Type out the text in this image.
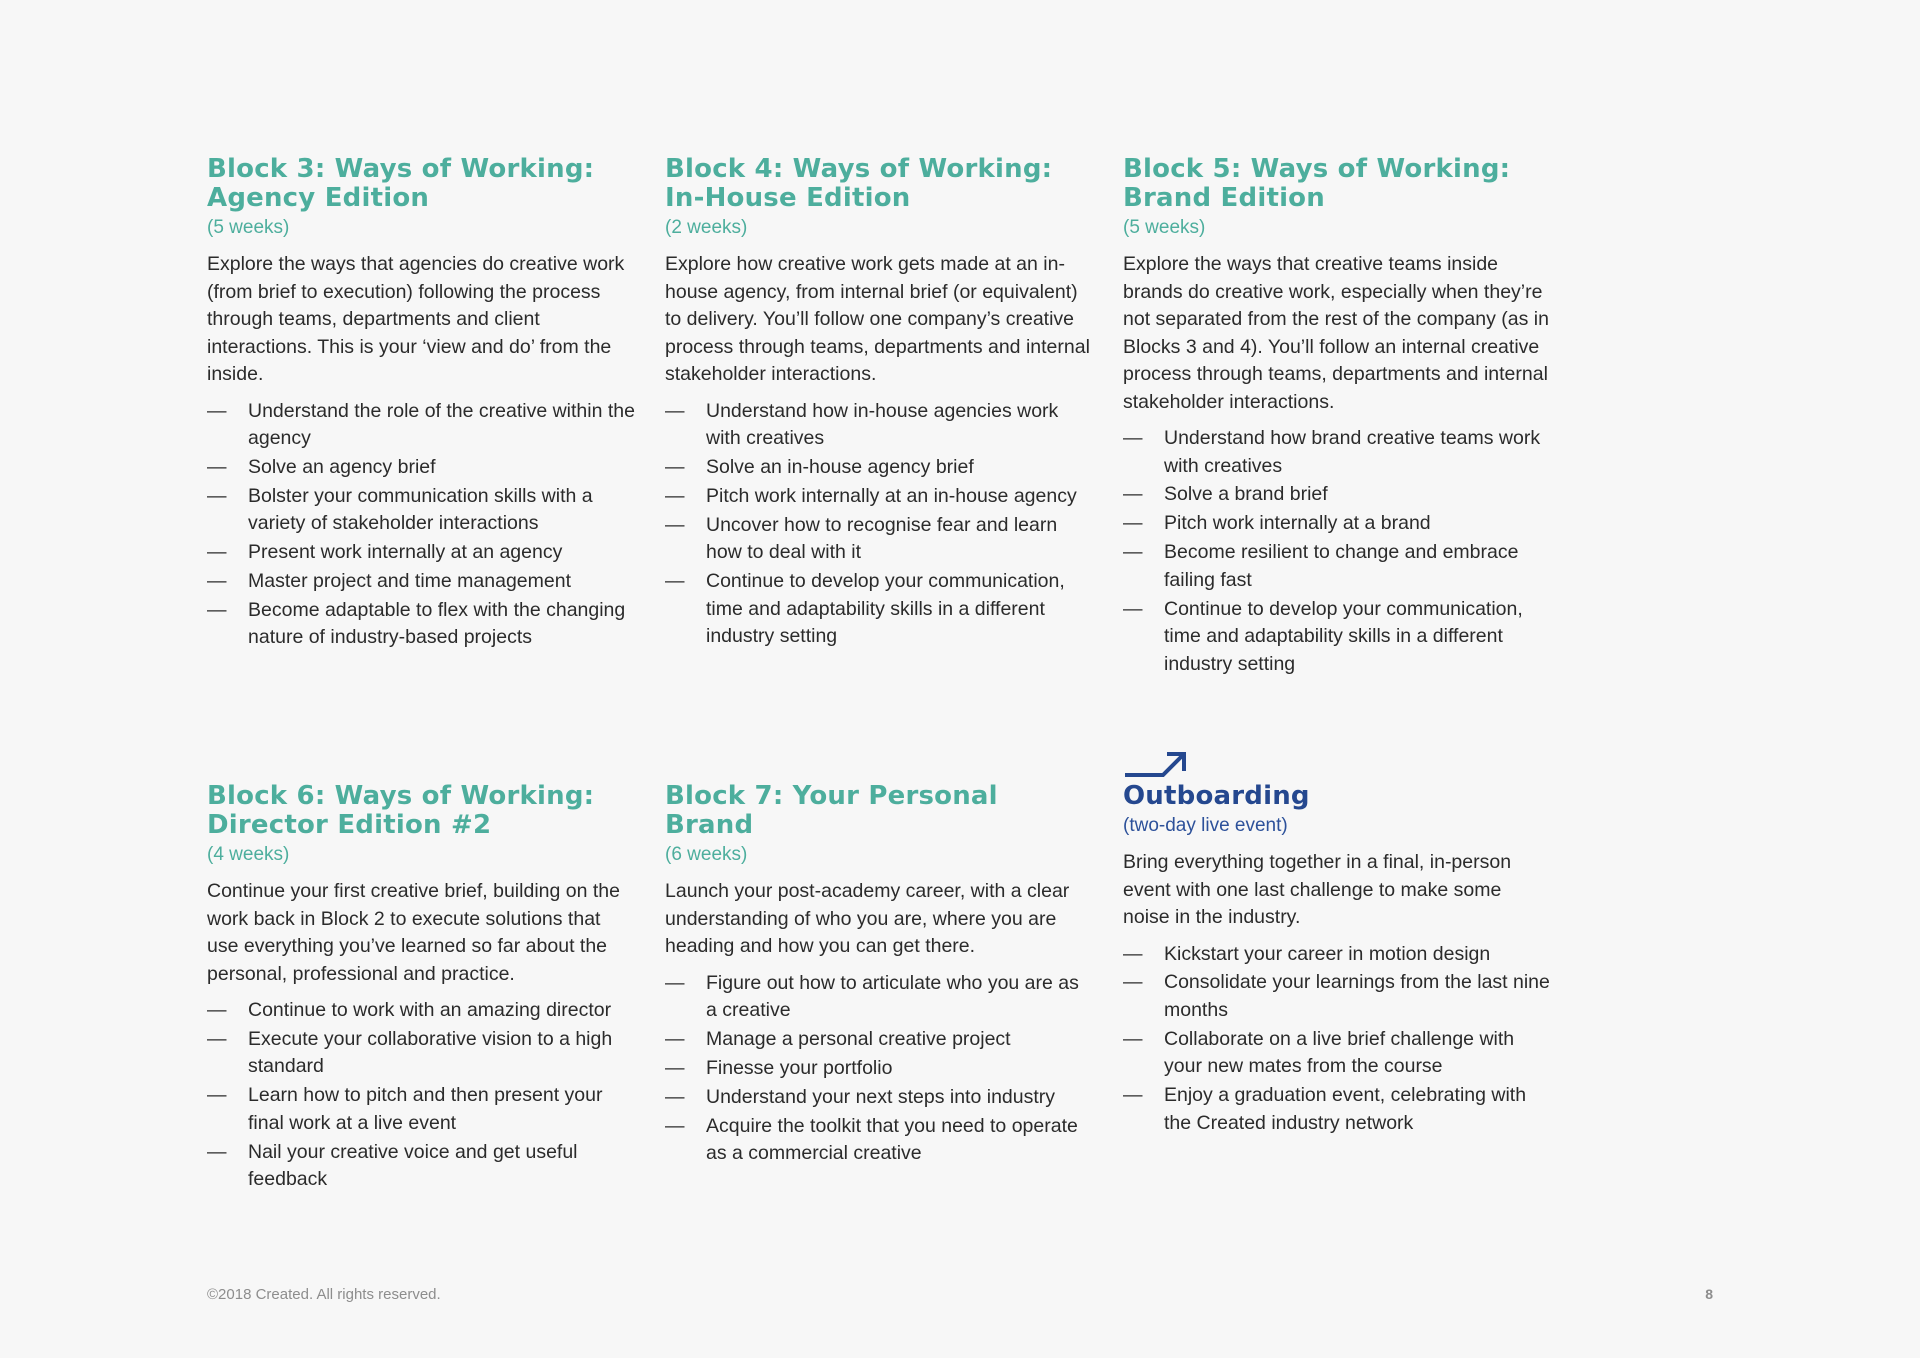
Block 3: Ways of Working:
Agency Edition
(5 weeks)

Explore the ways that agencies do creative work (from brief to execution) following the process through teams, departments and client interactions. This is your ‘view and do’ from the inside.

—	Understand the role of the creative within the agency
—	Solve an agency brief
—	Bolster your communication skills with a variety of stakeholder interactions
—	Present work internally at an agency
—	Master project and time management
—	Become adaptable to flex with the changing nature of industry-based projects
Block 4: Ways of Working:
In-House Edition
(2 weeks)

Explore how creative work gets made at an in-house agency, from internal brief (or equivalent) to delivery. You’ll follow one company’s creative process through teams, departments and internal stakeholder interactions.

—	Understand how in-house agencies work with creatives
—	Solve an in-house agency brief
—	Pitch work internally at an in-house agency
—	Uncover how to recognise fear and learn how to deal with it
—	Continue to develop your communication, time and adaptability skills in a different industry setting
Block 5: Ways of Working:
Brand Edition
(5 weeks)

Explore the ways that creative teams inside brands do creative work, especially when they’re not separated from the rest of the company (as in Blocks 3 and 4). You’ll follow an internal creative process through teams, departments and internal stakeholder interactions.

—	Understand how brand creative teams work with creatives
—	Solve a brand brief
—	Pitch work internally at a brand
—	Become resilient to change and embrace failing fast
—	Continue to develop your communication, time and adaptability skills in a different industry setting
Block 6: Ways of Working:
Director Edition #2
(4 weeks)

Continue your first creative brief, building on the work back in Block 2 to execute solutions that use everything you’ve learned so far about the personal, professional and practice.

—	Continue to work with an amazing director
—	Execute your collaborative vision to a high standard
—	Learn how to pitch and then present your final work at a live event
—	Nail your creative voice and get useful feedback
Block 7: Your Personal Brand
(6 weeks)

Launch your post-academy career, with a clear understanding of who you are, where you are heading and how you can get there.

—	Figure out how to articulate who you are as a creative
—	Manage a personal creative project
—	Finesse your portfolio
—	Understand your next steps into industry
—	Acquire the toolkit that you need to operate as a commercial creative
Outboarding
(two-day live event)

Bring everything together in a final, in-person event with one last challenge to make some noise in the industry.

—	Kickstart your career in motion design
—	Consolidate your learnings from the last nine months
—	Collaborate on a live brief challenge with your new mates from the course
—	Enjoy a graduation event, celebrating with the Created industry network
©2018 Created. All rights reserved.	8
